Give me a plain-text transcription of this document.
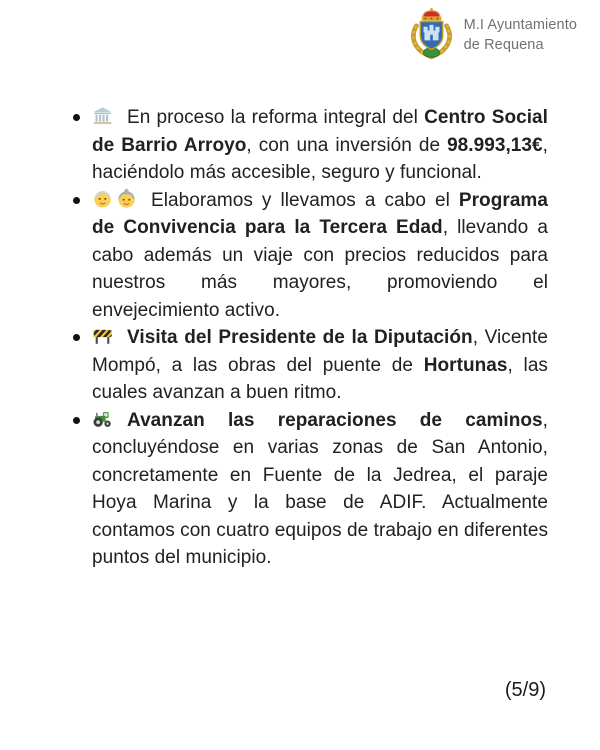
M.I Ayuntamiento
de Requena
En proceso la reforma integral del Centro Social de Barrio Arroyo, con una inversión de 98.993,13€, haciéndolo más accesible, seguro y funcional.
Elaboramos y llevamos a cabo el Programa de Convivencia para la Tercera Edad, llevando a cabo además un viaje con precios reducidos para nuestros más mayores, promoviendo el envejecimiento activo.
Visita del Presidente de la Diputación, Vicente Mompó, a las obras del puente de Hortunas, las cuales avanzan a buen ritmo.
Avanzan las reparaciones de caminos, concluyéndose en varias zonas de San Antonio, concretamente en Fuente de la Jedrea, el paraje Hoya Marina y la base de ADIF. Actualmente contamos con cuatro equipos de trabajo en diferentes puntos del municipio.
(5/9)
